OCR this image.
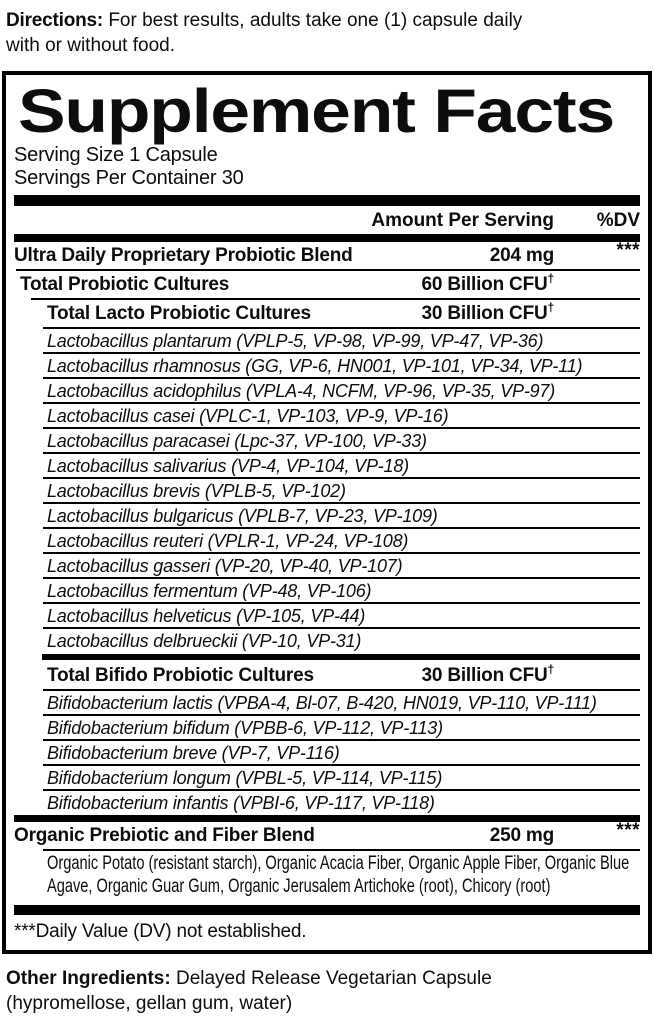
Directions: For best results, adults take one (1) capsule daily with or without food.

Supplement Facts
Serving Size 1 Capsule
Servings Per Container 30
Amount Per Serving	%DV
Ultra Daily Proprietary Probiotic Blend	204 mg	***
Total Probiotic Cultures	60 Billion CFU†
Total Lacto Probiotic Cultures	30 Billion CFU†
Lactobacillus plantarum (VPLP-5, VP-98, VP-99, VP-47, VP-36)
Lactobacillus rhamnosus (GG, VP-6, HN001, VP-101, VP-34, VP-11)
Lactobacillus acidophilus (VPLA-4, NCFM, VP-96, VP-35, VP-97)
Lactobacillus casei (VPLC-1, VP-103, VP-9, VP-16)
Lactobacillus paracasei (Lpc-37, VP-100, VP-33)
Lactobacillus salivarius (VP-4, VP-104, VP-18)
Lactobacillus brevis (VPLB-5, VP-102)
Lactobacillus bulgaricus (VPLB-7, VP-23, VP-109)
Lactobacillus reuteri (VPLR-1, VP-24, VP-108)
Lactobacillus gasseri (VP-20, VP-40, VP-107)
Lactobacillus fermentum (VP-48, VP-106)
Lactobacillus helveticus (VP-105, VP-44)
Lactobacillus delbrueckii (VP-10, VP-31)
Total Bifido Probiotic Cultures	30 Billion CFU†
Bifidobacterium lactis (VPBA-4, Bl-07, B-420, HN019, VP-110, VP-111)
Bifidobacterium bifidum (VPBB-6, VP-112, VP-113)
Bifidobacterium breve (VP-7, VP-116)
Bifidobacterium longum (VPBL-5, VP-114, VP-115)
Bifidobacterium infantis (VPBI-6, VP-117, VP-118)
Organic Prebiotic and Fiber Blend	250 mg	***
Organic Potato (resistant starch), Organic Acacia Fiber, Organic Apple Fiber, Organic Blue Agave, Organic Guar Gum, Organic Jerusalem Artichoke (root), Chicory (root)
***Daily Value (DV) not established.

Other Ingredients: Delayed Release Vegetarian Capsule (hypromellose, gellan gum, water)
